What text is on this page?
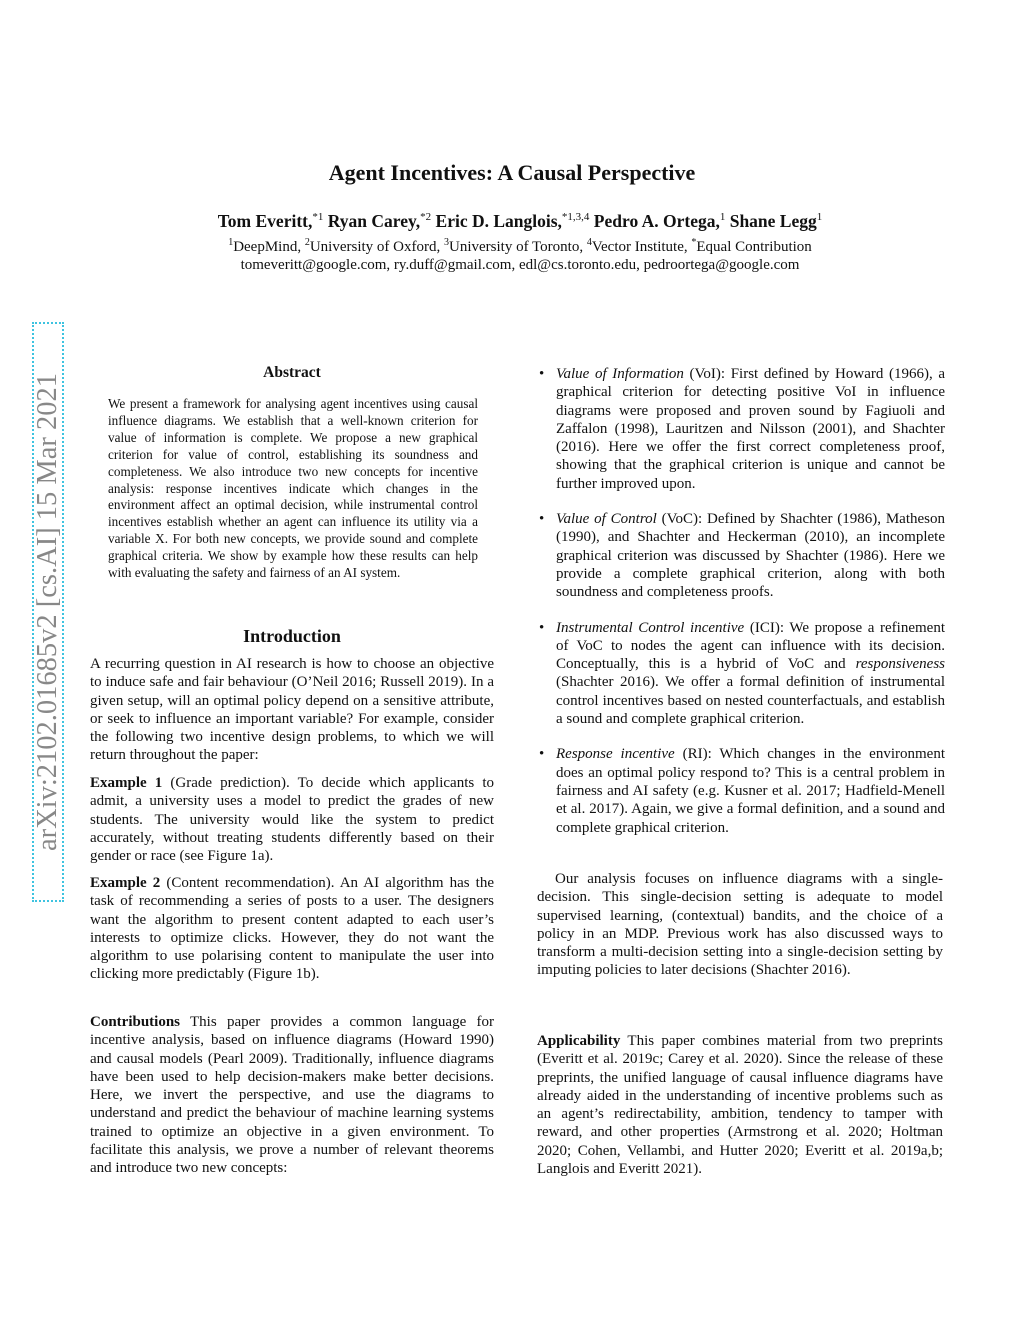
Agent Incentives: A Causal Perspective
Tom Everitt,$^{*1}$ Ryan Carey,$^{*2}$ Eric D. Langlois,$^{*1,3,4}$ Pedro A. Ortega,$^1$ Shane Legg$^1$
$^1$DeepMind, $^2$University of Oxford, $^3$University of Toronto, $^4$Vector Institute, *Equal Contribution
tomeveritt@google.com, ry.duff@gmail.com, edl@cs.toronto.edu, pedroortega@google.com
arXiv:2102.01685v2 [cs.AI] 15 Mar 2021
Abstract
We present a framework for analysing agent incentives using causal influence diagrams. We establish that a well-known criterion for value of information is complete. We propose a new graphical criterion for value of control, establishing its soundness and completeness. We also introduce two new concepts for incentive analysis: response incentives indicate which changes in the environment affect an optimal decision, while instrumental control incentives establish whether an agent can influence its utility via a variable X. For both new concepts, we provide sound and complete graphical criteria. We show by example how these results can help with evaluating the safety and fairness of an AI system.
Introduction
A recurring question in AI research is how to choose an objective to induce safe and fair behaviour (O’Neil 2016; Russell 2019). In a given setup, will an optimal policy depend on a sensitive attribute, or seek to influence an important variable? For example, consider the following two incentive design problems, to which we will return throughout the paper:
Example 1 (Grade prediction). To decide which applicants to admit, a university uses a model to predict the grades of new students. The university would like the system to predict accurately, without treating students differently based on their gender or race (see Figure 1a).
Example 2 (Content recommendation). An AI algorithm has the task of recommending a series of posts to a user. The designers want the algorithm to present content adapted to each user’s interests to optimize clicks. However, they do not want the algorithm to use polarising content to manipulate the user into clicking more predictably (Figure 1b).
Contributions This paper provides a common language for incentive analysis, based on influence diagrams (Howard 1990) and causal models (Pearl 2009). Traditionally, influence diagrams have been used to help decision-makers make better decisions. Here, we invert the perspective, and use the diagrams to understand and predict the behaviour of machine learning systems trained to optimize an objective in a given environment. To facilitate this analysis, we prove a number of relevant theorems and introduce two new concepts:
• Value of Information (VoI): First defined by Howard (1966), a graphical criterion for detecting positive VoI in influence diagrams were proposed and proven sound by Fagiuoli and Zaffalon (1998), Lauritzen and Nilsson (2001), and Shachter (2016). Here we offer the first correct completeness proof, showing that the graphical criterion is unique and cannot be further improved upon.
• Value of Control (VoC): Defined by Shachter (1986), Matheson (1990), and Shachter and Heckerman (2010), an incomplete graphical criterion was discussed by Shachter (1986). Here we provide a complete graphical criterion, along with both soundness and completeness proofs.
• Instrumental Control incentive (ICI): We propose a refinement of VoC to nodes the agent can influence with its decision. Conceptually, this is a hybrid of VoC and responsiveness (Shachter 2016). We offer a formal definition of instrumental control incentives based on nested counterfactuals, and establish a sound and complete graphical criterion.
• Response incentive (RI): Which changes in the environment does an optimal policy respond to? This is a central problem in fairness and AI safety (e.g. Kusner et al. 2017; Hadfield-Menell et al. 2017). Again, we give a formal definition, and a sound and complete graphical criterion.
Our analysis focuses on influence diagrams with a single-decision. This single-decision setting is adequate to model supervised learning, (contextual) bandits, and the choice of a policy in an MDP. Previous work has also discussed ways to transform a multi-decision setting into a single-decision setting by imputing policies to later decisions (Shachter 2016).
Applicability This paper combines material from two preprints (Everitt et al. 2019c; Carey et al. 2020). Since the release of these preprints, the unified language of causal influence diagrams have already aided in the understanding of incentive problems such as an agent’s redirectability, ambition, tendency to tamper with reward, and other properties (Armstrong et al. 2020; Holtman 2020; Cohen, Vellambi, and Hutter 2020; Everitt et al. 2019a,b; Langlois and Everitt 2021).
